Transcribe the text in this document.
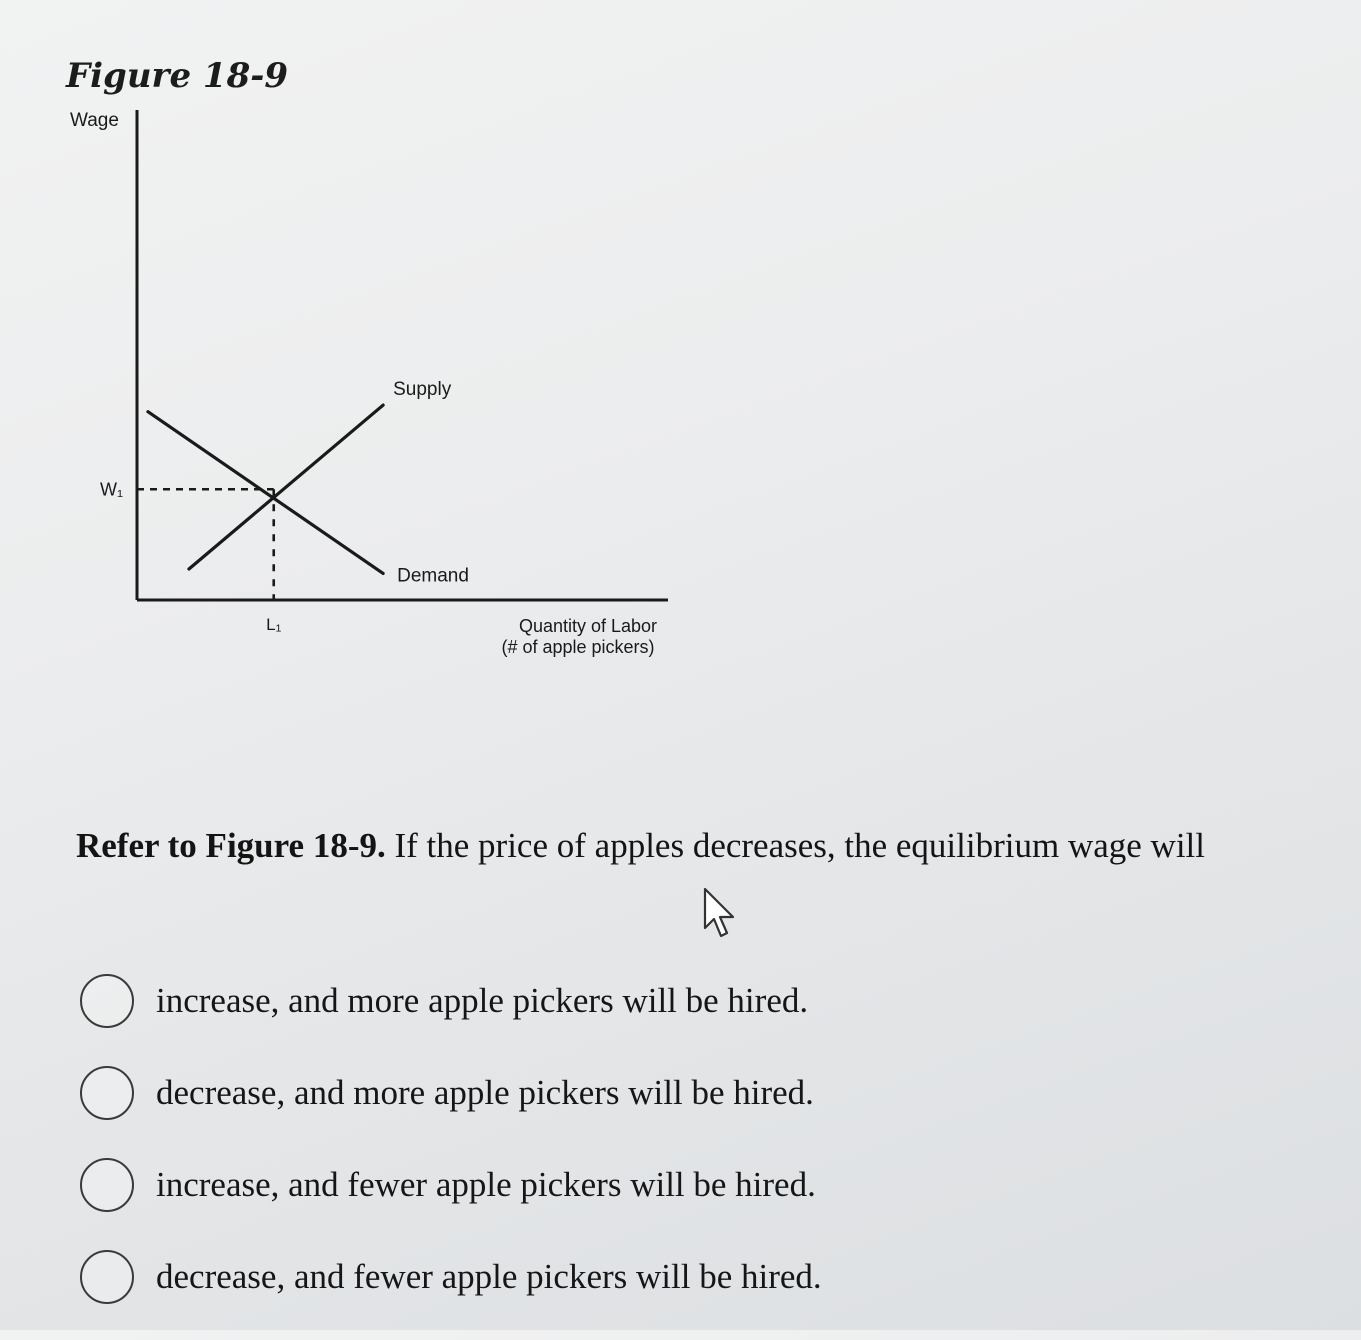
Figure 18-9
Wage
Quantity of Labor
(# of apple pickers)
Supply
Demand
W₁
L₁

Refer to Figure 18-9. If the price of apples decreases, the equilibrium wage will

increase, and more apple pickers will be hired.
decrease, and more apple pickers will be hired.
increase, and fewer apple pickers will be hired.
decrease, and fewer apple pickers will be hired.
